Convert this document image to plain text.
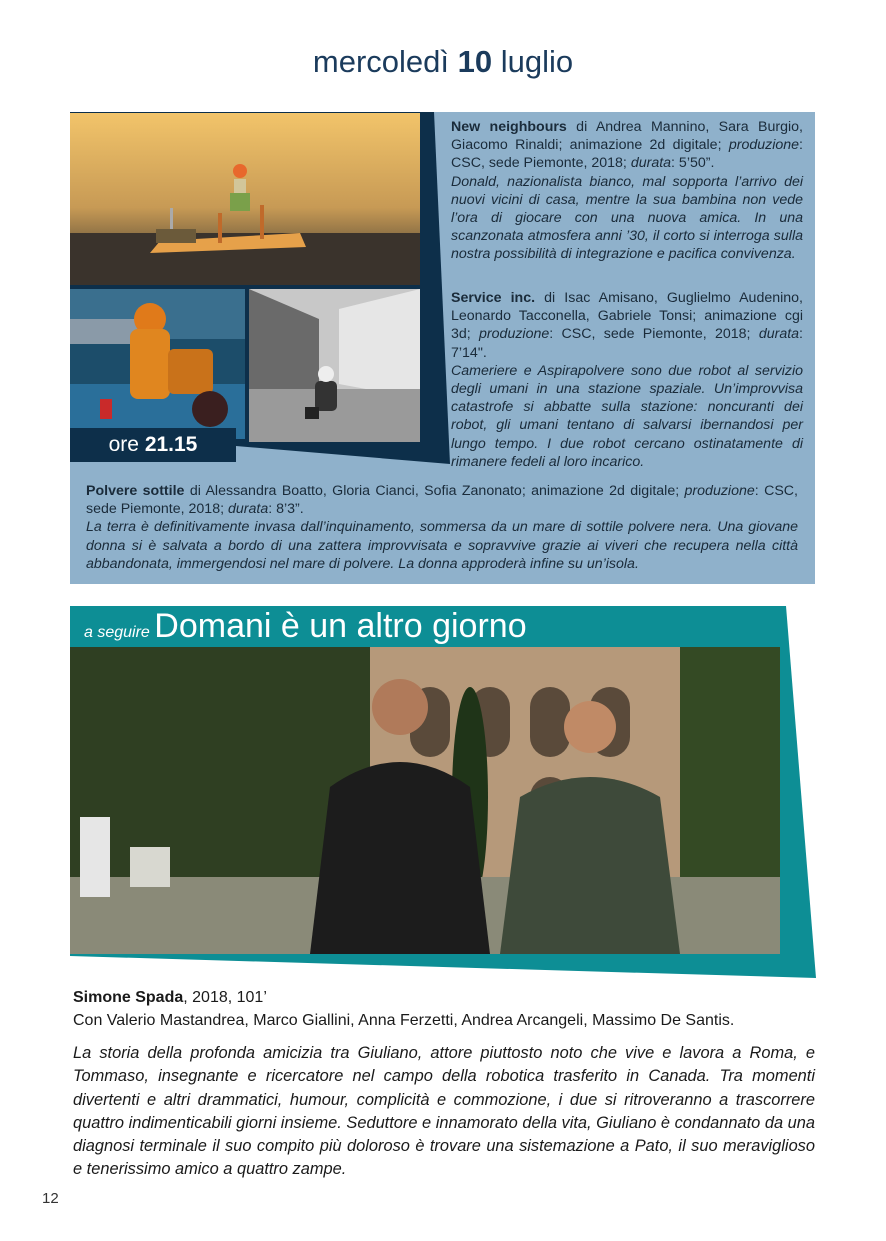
mercoledì 10 luglio
ore 21.15
New neighbours di Andrea Mannino, Sara Burgio, Giacomo Rinaldi; animazione 2d digitale; produzione: CSC, sede Piemonte, 2018; durata: 5’50”.
Donald, nazionalista bianco, mal sopporta l’arrivo dei nuovi vicini di casa, mentre la sua bambina non vede l’ora di giocare con una nuova amica. In una scanzonata atmosfera anni ’30, il corto si interroga sulla nostra possibilità di integrazione e pacifica convivenza.
Service inc. di Isac Amisano, Guglielmo Audenino, Leonardo Tacconella, Gabriele Tonsi; animazione cgi 3d; produzione: CSC, sede Piemonte, 2018; durata: 7’14".
Cameriere e Aspirapolvere sono due robot al servizio degli umani in una stazione spaziale. Un’improvvisa catastrofe si abbatte sulla stazione: noncuranti dei robot, gli umani tentano di salvarsi ibernandosi per lungo tempo. I due robot cercano ostinatamente di rimanere fedeli al loro incarico.
Polvere sottile di Alessandra Boatto, Gloria Cianci, Sofia Zanonato; animazione 2d digitale; produzione: CSC, sede Piemonte, 2018; durata: 8’3”.
La terra è definitivamente invasa dall’inquinamento, sommersa da un mare di sottile polvere nera. Una giovane donna si è salvata a bordo di una zattera improvvisata e sopravvive grazie ai viveri che recupera nella città abbandonata, immergendosi nel mare di polvere. La donna approderà infine su un’isola.
a seguire Domani è un altro giorno
Simone Spada, 2018, 101’
Con Valerio Mastandrea, Marco Giallini, Anna Ferzetti, Andrea Arcangeli, Massimo De Santis.
La storia della profonda amicizia tra Giuliano, attore piuttosto noto che vive e lavora a Roma, e Tommaso, insegnante e ricercatore nel campo della robotica trasferito in Canada. Tra momenti divertenti e altri drammatici, humour, complicità e commozione, i due si ritroveranno a trascorrere quattro indimenticabili giorni insieme. Seduttore e innamorato della vita, Giuliano è condannato da una diagnosi terminale il suo compito più doloroso è trovare una sistemazione a Pato, il suo meraviglioso e tenerissimo amico a quattro zampe.
12
